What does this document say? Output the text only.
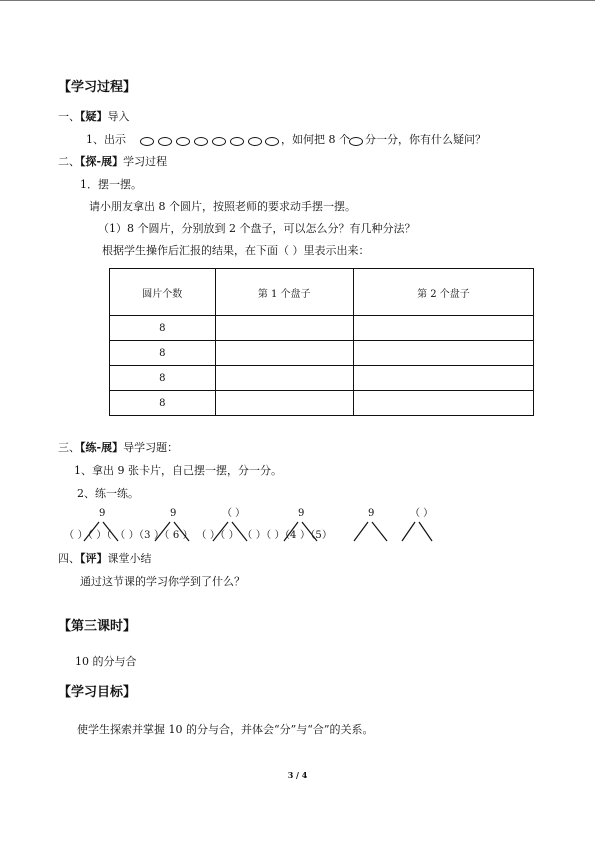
【学习过程】
一、【疑】导入
1、出示	，如何把 8 个 分一分，你有什么疑问？
二、【探-展】学习过程
1．摆一摆。
请小朋友拿出 8 个圆片，按照老师的要求动手摆一摆。
（1）8 个圆片，分别放到 2 个盘子，可以怎么分？有几种分法？
根据学生操作后汇报的结果，在下面（ ）里表示出来：
圆片个数	第 1 个盘子	第 2 个盘子
8		
8		
8		
8		
三、【练-展】导学习题：
1、拿出 9 张卡片，自己摆一摆，分一分。
2、练一练。
9	9	（ ）	9	9	（ ）
（ ）（ ）（ （ ）（3 ）（ 6 ） （ ）（ ） （ ）（ ）（4 ）（5）
四、【评】课堂小结
通过这节课的学习你学到了什么？
【第三课时】
10 的分与合
【学习目标】
使学生探索并掌握 10 的分与合，并体会“分”与“合”的关系。
3 / 4
